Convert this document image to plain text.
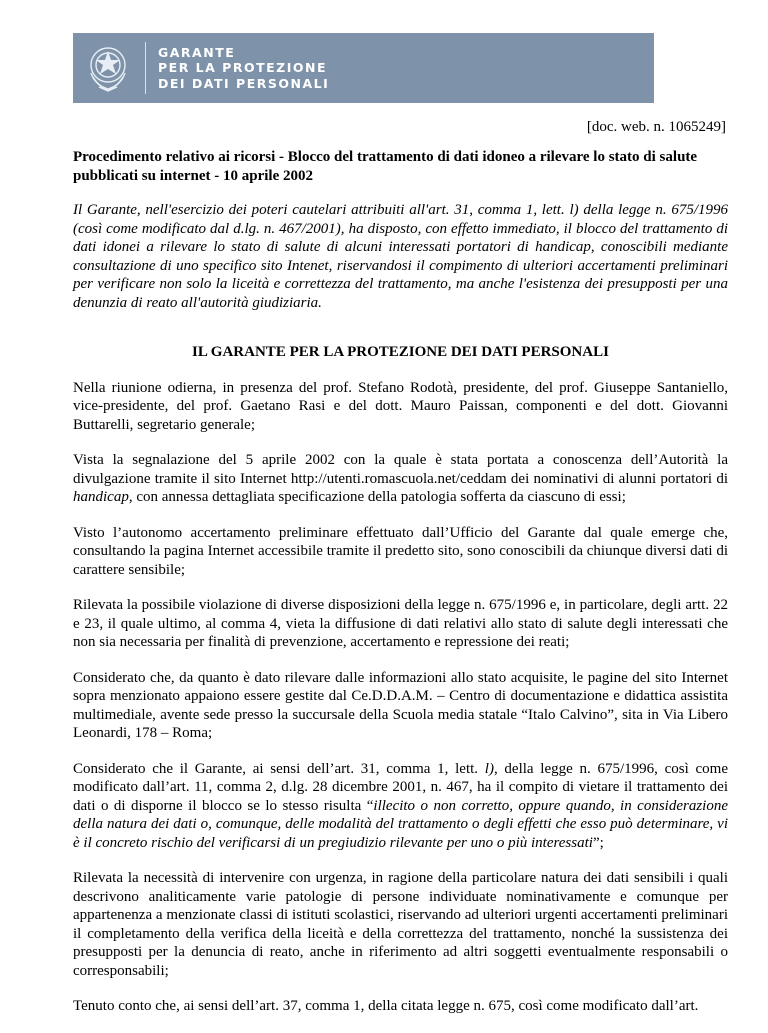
GARANTE
PER LA PROTEZIONE
DEI DATI PERSONALI
[doc. web. n. 1065249]

Procedimento relativo ai ricorsi - Blocco del trattamento di dati idoneo a rilevare lo stato di salute pubblicati su internet - 10 aprile 2002

Il Garante, nell'esercizio dei poteri cautelari attribuiti all'art. 31, comma 1, lett. l) della legge n. 675/1996 (così come modificato dal d.lg. n. 467/2001), ha disposto, con effetto immediato, il blocco del trattamento di dati idonei a rilevare lo stato di salute di alcuni interessati portatori di handicap, conoscibili mediante consultazione di uno specifico sito Intenet, riservandosi il compimento di ulteriori accertamenti preliminari per verificare non solo la liceità e correttezza del trattamento, ma anche l'esistenza dei presupposti per una denunzia di reato all'autorità giudiziaria.

IL GARANTE PER LA PROTEZIONE DEI DATI PERSONALI

Nella riunione odierna, in presenza del prof. Stefano Rodotà, presidente, del prof. Giuseppe Santaniello, vice-presidente, del prof. Gaetano Rasi e del dott. Mauro Paissan, componenti e del dott. Giovanni Buttarelli, segretario generale;

Vista la segnalazione del 5 aprile 2002 con la quale è stata portata a conoscenza dell’Autorità la divulgazione tramite il sito Internet http://utenti.romascuola.net/ceddam dei nominativi di alunni portatori di handicap, con annessa dettagliata specificazione della patologia sofferta da ciascuno di essi;

Visto l’autonomo accertamento preliminare effettuato dall’Ufficio del Garante dal quale emerge che, consultando la pagina Internet accessibile tramite il predetto sito, sono conoscibili da chiunque diversi dati di carattere sensibile;

Rilevata la possibile violazione di diverse disposizioni della legge n. 675/1996 e, in particolare, degli artt. 22 e 23, il quale ultimo, al comma 4, vieta la diffusione di dati relativi allo stato di salute degli interessati che non sia necessaria per finalità di prevenzione, accertamento e repressione dei reati;

Considerato che, da quanto è dato rilevare dalle informazioni allo stato acquisite, le pagine del sito Internet sopra menzionato appaiono essere gestite dal Ce.D.D.A.M. – Centro di documentazione e didattica assistita multimediale, avente sede presso la succursale della Scuola media statale “Italo Calvino”, sita in Via Libero Leonardi, 178 – Roma;

Considerato che il Garante, ai sensi dell’art. 31, comma 1, lett. l), della legge n. 675/1996, così come modificato dall’art. 11, comma 2, d.lg. 28 dicembre 2001, n. 467, ha il compito di vietare il trattamento dei dati o di disporne il blocco se lo stesso risulta “illecito o non corretto, oppure quando, in considerazione della natura dei dati o, comunque, delle modalità del trattamento o degli effetti che esso può determinare, vi è il concreto rischio del verificarsi di un pregiudizio rilevante per uno o più interessati”;

Rilevata la necessità di intervenire con urgenza, in ragione della particolare natura dei dati sensibili i quali descrivono analiticamente varie patologie di persone individuate nominativamente e comunque per appartenenza a menzionate classi di istituti scolastici, riservando ad ulteriori urgenti accertamenti preliminari il completamento della verifica della liceità e della correttezza del trattamento, nonché la sussistenza dei presupposti per la denuncia di reato, anche in riferimento ad altri soggetti eventualmente responsabili o corresponsabili;

Tenuto conto che, ai sensi dell’art. 37, comma 1, della citata legge n. 675, così come modificato dall’art.
